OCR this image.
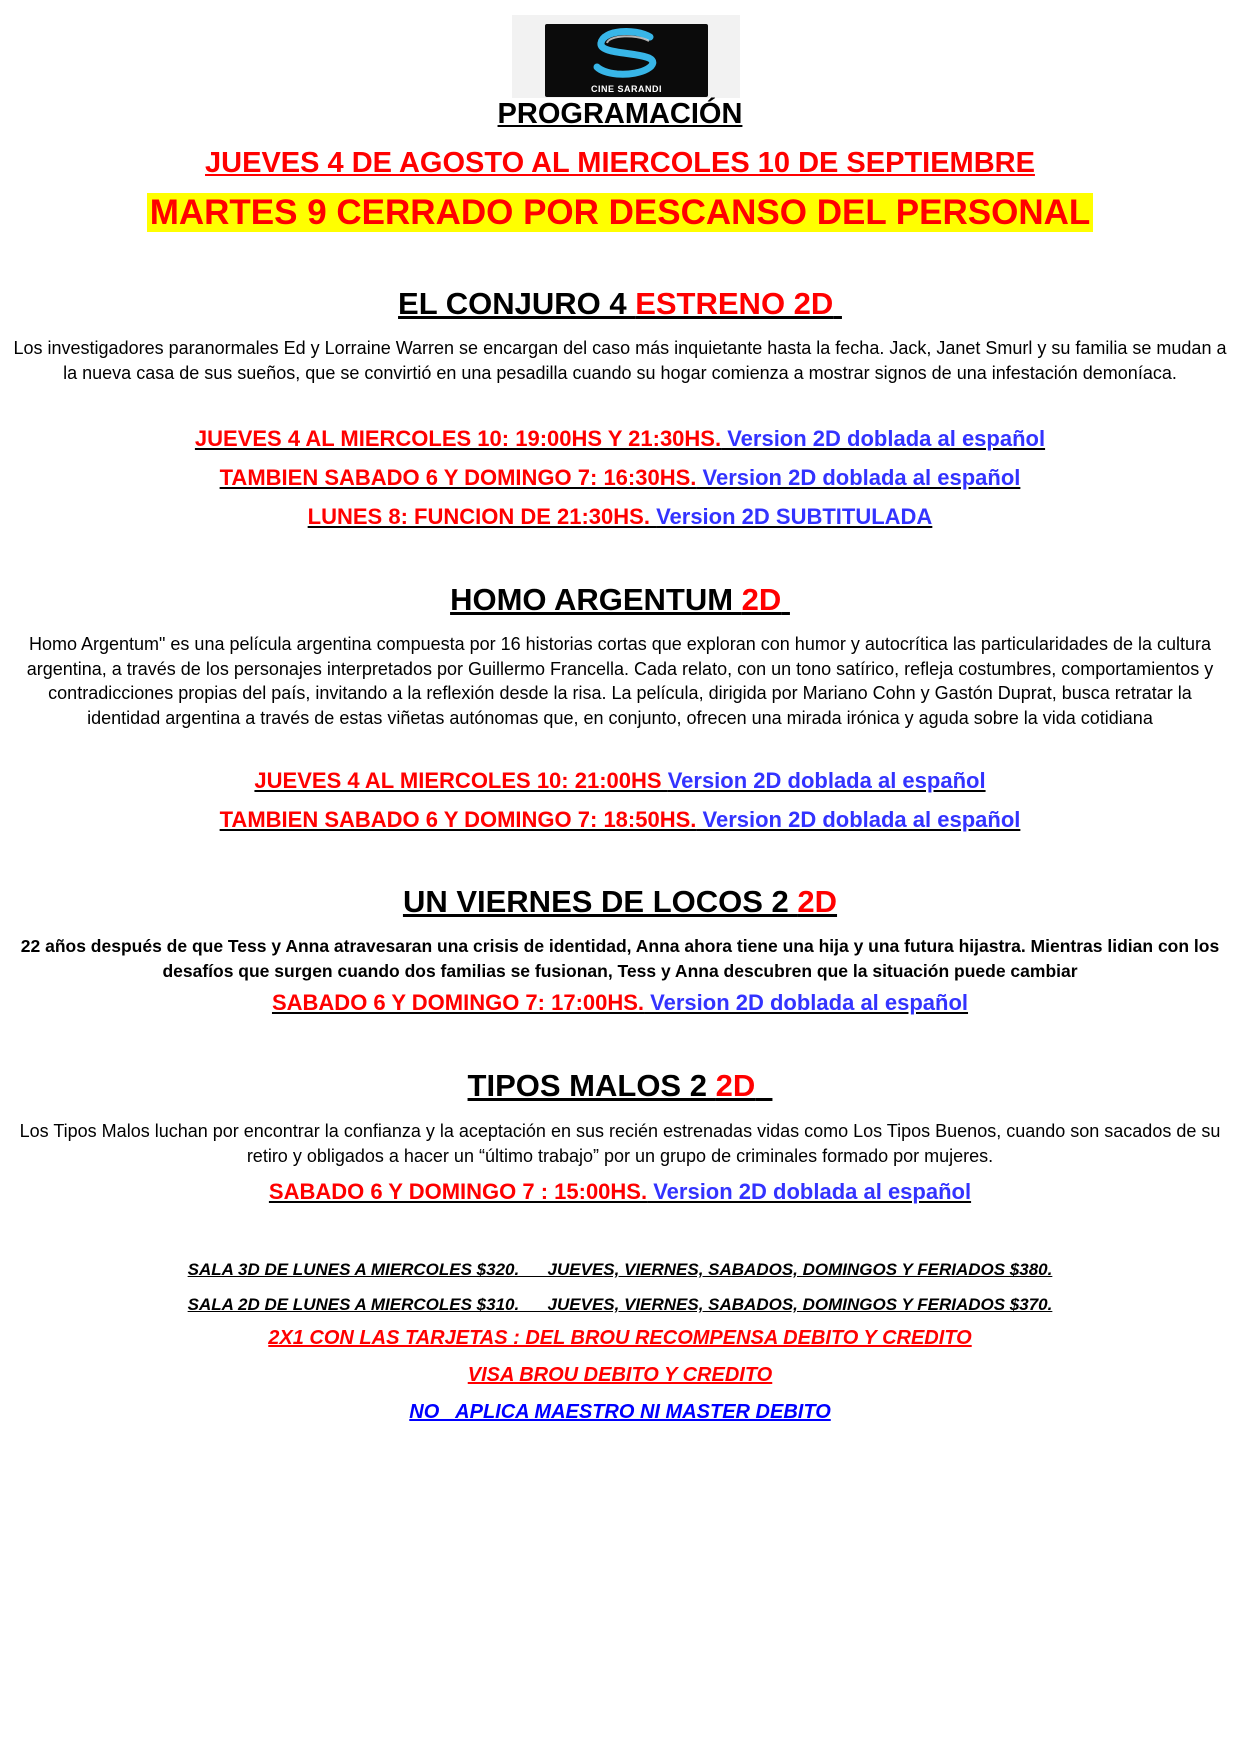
CINE SARANDI
PROGRAMACIÓN
JUEVES 4 DE AGOSTO AL MIERCOLES 10 DE SEPTIEMBRE
MARTES 9 CERRADO POR DESCANSO DEL PERSONAL
EL CONJURO 4 ESTRENO 2D
Los investigadores paranormales Ed y Lorraine Warren se encargan del caso más inquietante hasta la fecha. Jack, Janet Smurl y su familia se mudan a la nueva casa de sus sueños, que se convirtió en una pesadilla cuando su hogar comienza a mostrar signos de una infestación demoníaca.
JUEVES 4 AL MIERCOLES 10: 19:00HS Y 21:30HS. Version 2D doblada al español
TAMBIEN SABADO 6 Y DOMINGO 7: 16:30HS. Version 2D doblada al español
LUNES 8: FUNCION DE 21:30HS. Version 2D SUBTITULADA
HOMO ARGENTUM 2D
Homo Argentum" es una película argentina compuesta por 16 historias cortas que exploran con humor y autocrítica las particularidades de la cultura argentina, a través de los personajes interpretados por Guillermo Francella. Cada relato, con un tono satírico, refleja costumbres, comportamientos y contradicciones propias del país, invitando a la reflexión desde la risa. La película, dirigida por Mariano Cohn y Gastón Duprat, busca retratar la identidad argentina a través de estas viñetas autónomas que, en conjunto, ofrecen una mirada irónica y aguda sobre la vida cotidiana
JUEVES 4 AL MIERCOLES 10: 21:00HS Version 2D doblada al español
TAMBIEN SABADO 6 Y DOMINGO 7: 18:50HS. Version 2D doblada al español
UN VIERNES DE LOCOS 2 2D
22 años después de que Tess y Anna atravesaran una crisis de identidad, Anna ahora tiene una hija y una futura hijastra. Mientras lidian con los desafíos que surgen cuando dos familias se fusionan, Tess y Anna descubren que la situación puede cambiar
SABADO 6 Y DOMINGO 7: 17:00HS. Version 2D doblada al español
TIPOS MALOS 2 2D
Los Tipos Malos luchan por encontrar la confianza y la aceptación en sus recién estrenadas vidas como Los Tipos Buenos, cuando son sacados de su retiro y obligados a hacer un “último trabajo” por un grupo de criminales formado por mujeres.
SABADO 6 Y DOMINGO 7 : 15:00HS. Version 2D doblada al español
SALA 3D DE LUNES A MIERCOLES $320.      JUEVES, VIERNES, SABADOS, DOMINGOS Y FERIADOS $380.
SALA 2D DE LUNES A MIERCOLES $310.      JUEVES, VIERNES, SABADOS, DOMINGOS Y FERIADOS $370.
2X1 CON LAS TARJETAS : DEL BROU RECOMPENSA DEBITO Y CREDITO
VISA BROU DEBITO Y CREDITO
NO   APLICA MAESTRO NI MASTER DEBITO
